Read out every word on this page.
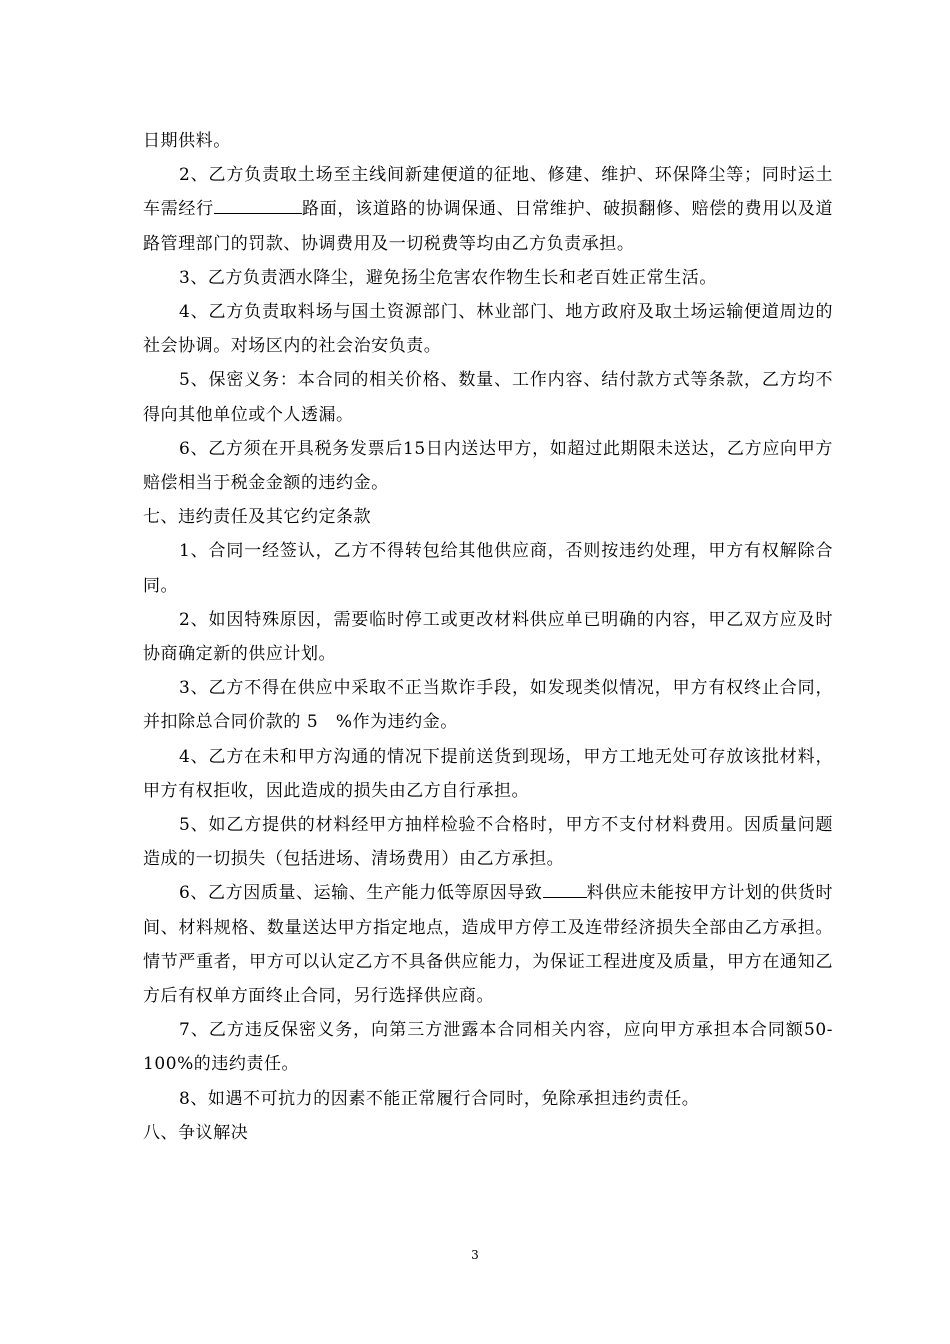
日期供料。

2、乙方负责取土场至主线间新建便道的征地、修建、维护、环保降尘等；同时运土车需经行	路面，该道路的协调保通、日常维护、破损翻修、赔偿的费用以及道路管理部门的罚款、协调费用及一切税费等均由乙方负责承担。

3、乙方负责洒水降尘，避免扬尘危害农作物生长和老百姓正常生活。

4、乙方负责取料场与国土资源部门、林业部门、地方政府及取土场运输便道周边的社会协调。对场区内的社会治安负责。

5、保密义务：本合同的相关价格、数量、工作内容、结付款方式等条款，乙方均不得向其他单位或个人透漏。

6、乙方须在开具税务发票后15日内送达甲方，如超过此期限未送达，乙方应向甲方赔偿相当于税金金额的违约金。

七、违约责任及其它约定条款

1、合同一经签认，乙方不得转包给其他供应商，否则按违约处理，甲方有权解除合同。

2、如因特殊原因，需要临时停工或更改材料供应单已明确的内容，甲乙双方应及时协商确定新的供应计划。

3、乙方不得在供应中采取不正当欺诈手段，如发现类似情况，甲方有权终止合同，并扣除总合同价款的 5　%作为违约金。

4、乙方在未和甲方沟通的情况下提前送货到现场，甲方工地无处可存放该批材料，甲方有权拒收，因此造成的损失由乙方自行承担。

5、如乙方提供的材料经甲方抽样检验不合格时，甲方不支付材料费用。因质量问题造成的一切损失（包括进场、清场费用）由乙方承担。

6、乙方因质量、运输、生产能力低等原因导致	料供应未能按甲方计划的供货时间、材料规格、数量送达甲方指定地点，造成甲方停工及连带经济损失全部由乙方承担。情节严重者，甲方可以认定乙方不具备供应能力，为保证工程进度及质量，甲方在通知乙方后有权单方面终止合同，另行选择供应商。

7、乙方违反保密义务，向第三方泄露本合同相关内容，应向甲方承担本合同额50-100%的违约责任。

8、如遇不可抗力的因素不能正常履行合同时，免除承担违约责任。

八、争议解决

3
